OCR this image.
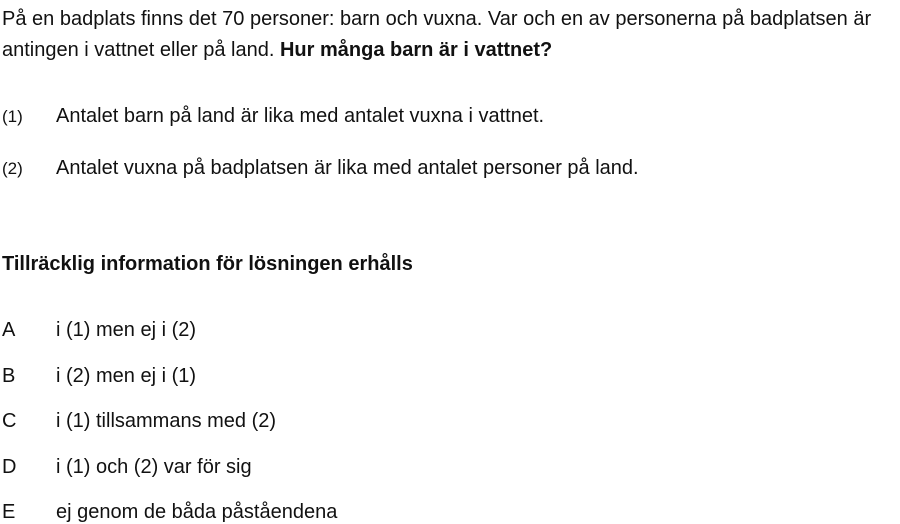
På en badplats finns det 70 personer: barn och vuxna. Var och en av personerna på badplatsen är antingen i vattnet eller på land. Hur många barn är i vattnet?

(1) Antalet barn på land är lika med antalet vuxna i vattnet.
(2) Antalet vuxna på badplatsen är lika med antalet personer på land.
Tillräcklig information för lösningen erhålls
A i (1) men ej i (2)
B i (2) men ej i (1)
C i (1) tillsammans med (2)
D i (1) och (2) var för sig
E ej genom de båda påståendena
